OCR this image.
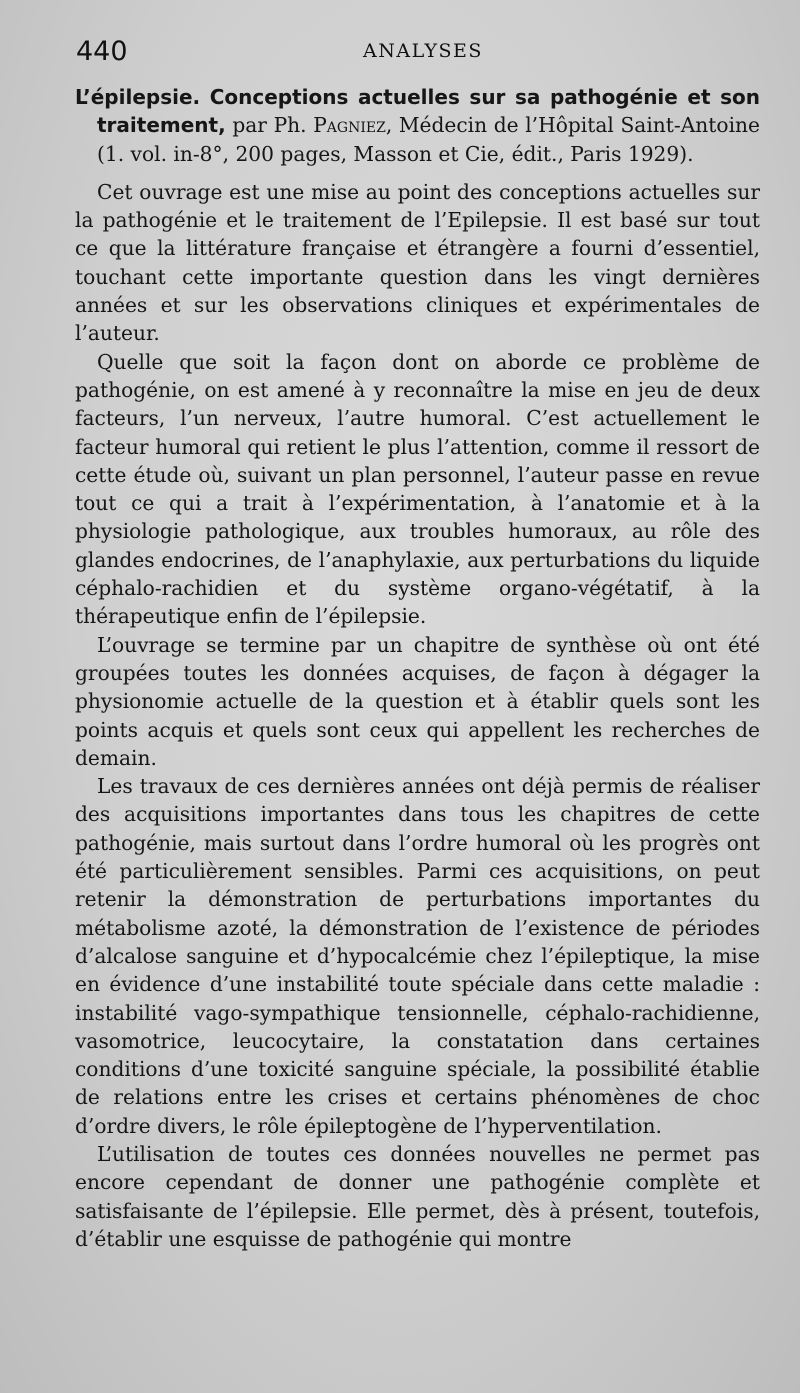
440	ANALYSES

L’épilepsie. Conceptions actuelles sur sa pathogénie et son traitement, par Ph. Pagniez, Médecin de l’Hôpital Saint-Antoine (1. vol. in-8°, 200 pages, Masson et Cie, édit., Paris 1929).

Cet ouvrage est une mise au point des conceptions actuelles sur la pathogénie et le traitement de l’Epilepsie. Il est basé sur tout ce que la littérature française et étrangère a fourni d’essentiel, touchant cette importante question dans les vingt dernières années et sur les observations cliniques et expérimentales de l’auteur.

Quelle que soit la façon dont on aborde ce problème de pathogénie, on est amené à y reconnaître la mise en jeu de deux facteurs, l’un nerveux, l’autre humoral. C’est actuellement le facteur humoral qui retient le plus l’attention, comme il ressort de cette étude où, suivant un plan personnel, l’auteur passe en revue tout ce qui a trait à l’expérimentation, à l’anatomie et à la physiologie pathologique, aux troubles humoraux, au rôle des glandes endocrines, de l’anaphylaxie, aux perturbations du liquide céphalo-rachidien et du système organo-végétatif, à la thérapeutique enfin de l’épilepsie.

L’ouvrage se termine par un chapitre de synthèse où ont été groupées toutes les données acquises, de façon à dégager la physionomie actuelle de la question et à établir quels sont les points acquis et quels sont ceux qui appellent les recherches de demain.

Les travaux de ces dernières années ont déjà permis de réaliser des acquisitions importantes dans tous les chapitres de cette pathogénie, mais surtout dans l’ordre humoral où les progrès ont été particulièrement sensibles. Parmi ces acquisitions, on peut retenir la démonstration de perturbations importantes du métabolisme azoté, la démonstration de l’existence de périodes d’alcalose sanguine et d’hypocalcémie chez l’épileptique, la mise en évidence d’une instabilité toute spéciale dans cette maladie : instabilité vago-sympathique tensionnelle, céphalo-rachidienne, vasomotrice, leucocytaire, la constatation dans certaines conditions d’une toxicité sanguine spéciale, la possibilité établie de relations entre les crises et certains phénomènes de choc d’ordre divers, le rôle épileptogène de l’hyperventilation.

L’utilisation de toutes ces données nouvelles ne permet pas encore cependant de donner une pathogénie complète et satisfaisante de l’épilepsie. Elle permet, dès à présent, toutefois, d’établir une esquisse de pathogénie qui montre
